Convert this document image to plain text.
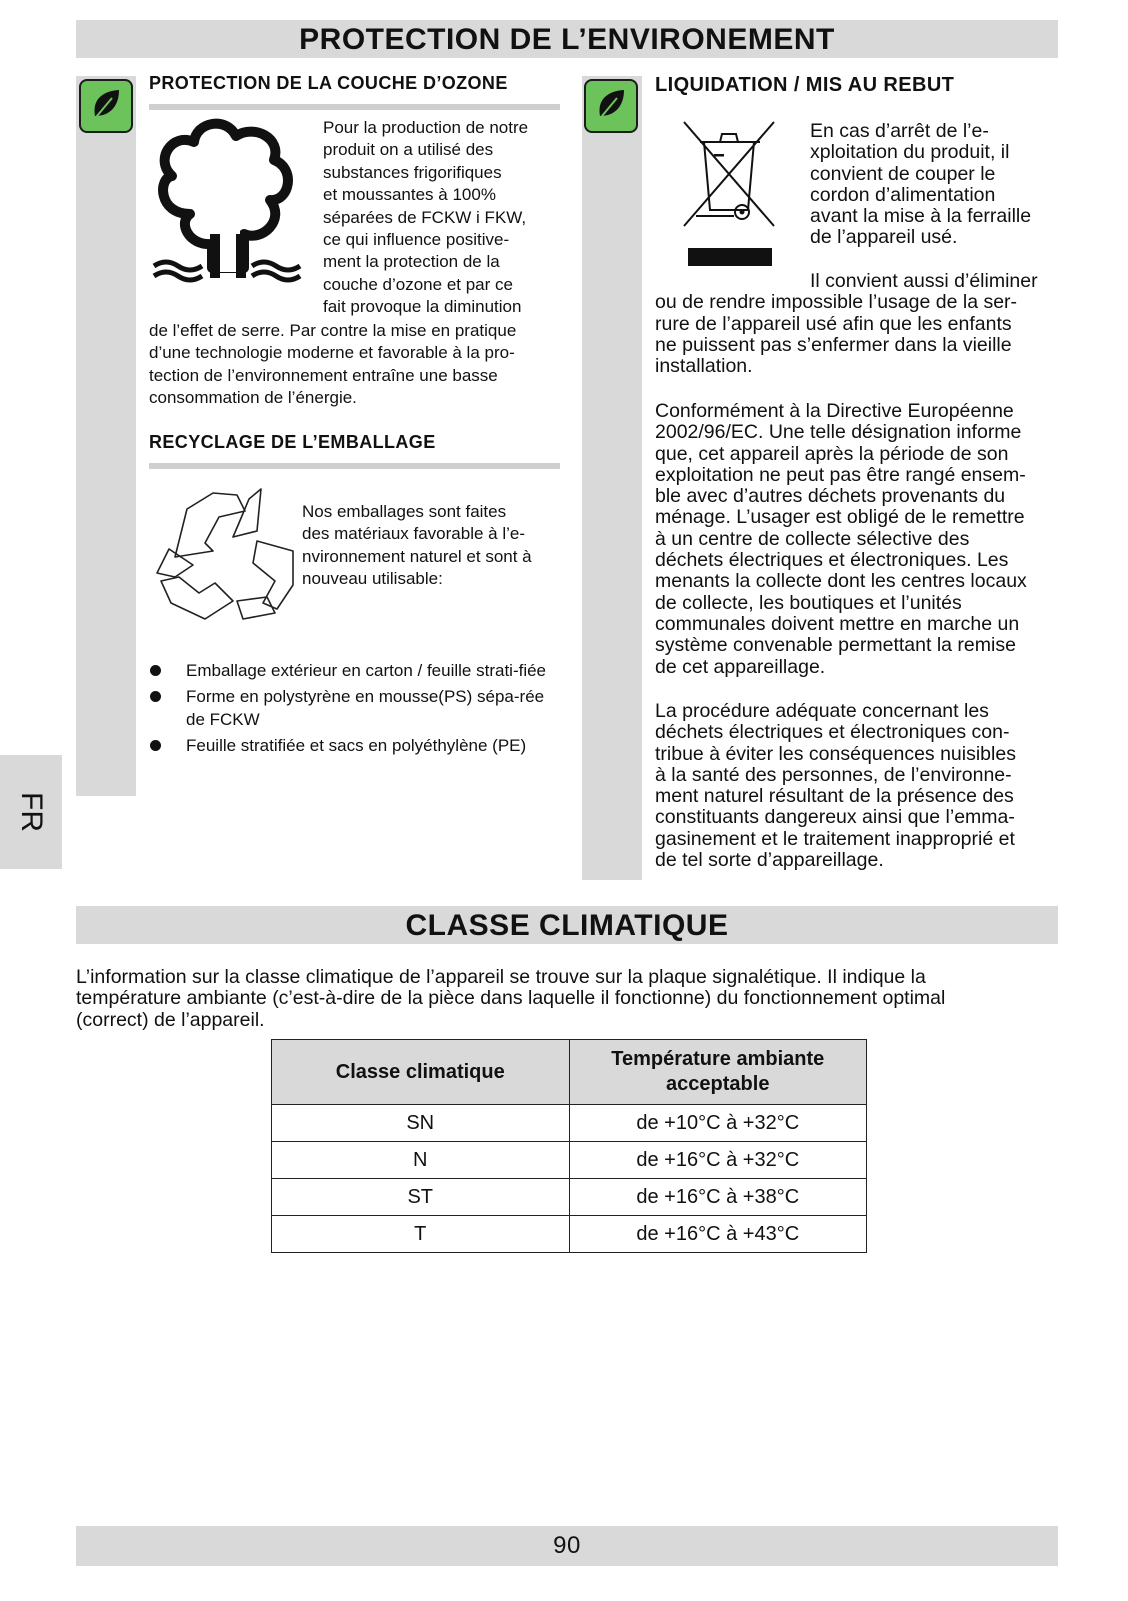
PROTECTION DE L’ENVIRONEMENT
FR
PROTECTION DE LA COUCHE D’OZONE
Pour la production de notre
produit on a utilisé des
substances frigorifiques
et moussantes à 100%
séparées de FCKW i FKW,
ce qui influence positive-
ment la protection de la
couche d’ozone et par ce
fait provoque la diminution
de l’effet de serre. Par contre la mise en pratique
d’une technologie moderne et favorable à la pro-
tection de l’environnement entraîne une basse
consommation de l’énergie.
RECYCLAGE DE L’EMBALLAGE
Nos emballages sont faites
des matériaux favorable à l’e-
nvironnement naturel et sont à
nouveau utilisable:
Emballage extérieur en carton / feuille strati-fiée
Forme en polystyrène en mousse(PS) sépa-rée de FCKW
Feuille stratifiée et sacs en polyéthylène (PE)
LIQUIDATION / MIS AU REBUT
En cas d’arrêt de l’e-
xploitation du produit, il
convient de couper le
cordon d’alimentation
avant la mise à la ferraille
de l’appareil usé.
Il convient aussi d’éliminer
ou de rendre impossible l’usage de la ser-
rure de l’appareil usé afin que les enfants
ne puissent pas s’enfermer dans la vieille
installation.
Conformément à la Directive Européenne
2002/96/EC. Une telle désignation informe
que, cet appareil après la période de son
exploitation ne peut pas être rangé ensem-
ble avec d’autres déchets provenants du
ménage. L’usager est obligé de le remettre
à un centre de collecte sélective des
déchets électriques et électroniques. Les
menants la collecte dont les centres locaux
de collecte, les boutiques et l’unités
communales doivent mettre en marche un
système convenable permettant la remise
de cet appareillage.
La procédure adéquate concernant les
déchets électriques et électroniques con-
tribue à éviter les conséquences nuisibles
à la santé des personnes, de l’environne-
ment naturel résultant de la présence des
constituants dangereux ainsi que l’emma-
gasinement et le traitement inapproprié et
de tel sorte d’appareillage.
CLASSE CLIMATIQUE
L’information sur la classe climatique de l’appareil se trouve sur la plaque signalétique. Il indique la
température ambiante (c’est-à-dire de la pièce dans laquelle il fonctionne) du fonctionnement optimal
(correct) de l’appareil.
Classe climatique	Température ambiante acceptable
SN	de +10°C à +32°C
N	de +16°C à +32°C
ST	de +16°C à +38°C
T	de +16°C à +43°C
90
